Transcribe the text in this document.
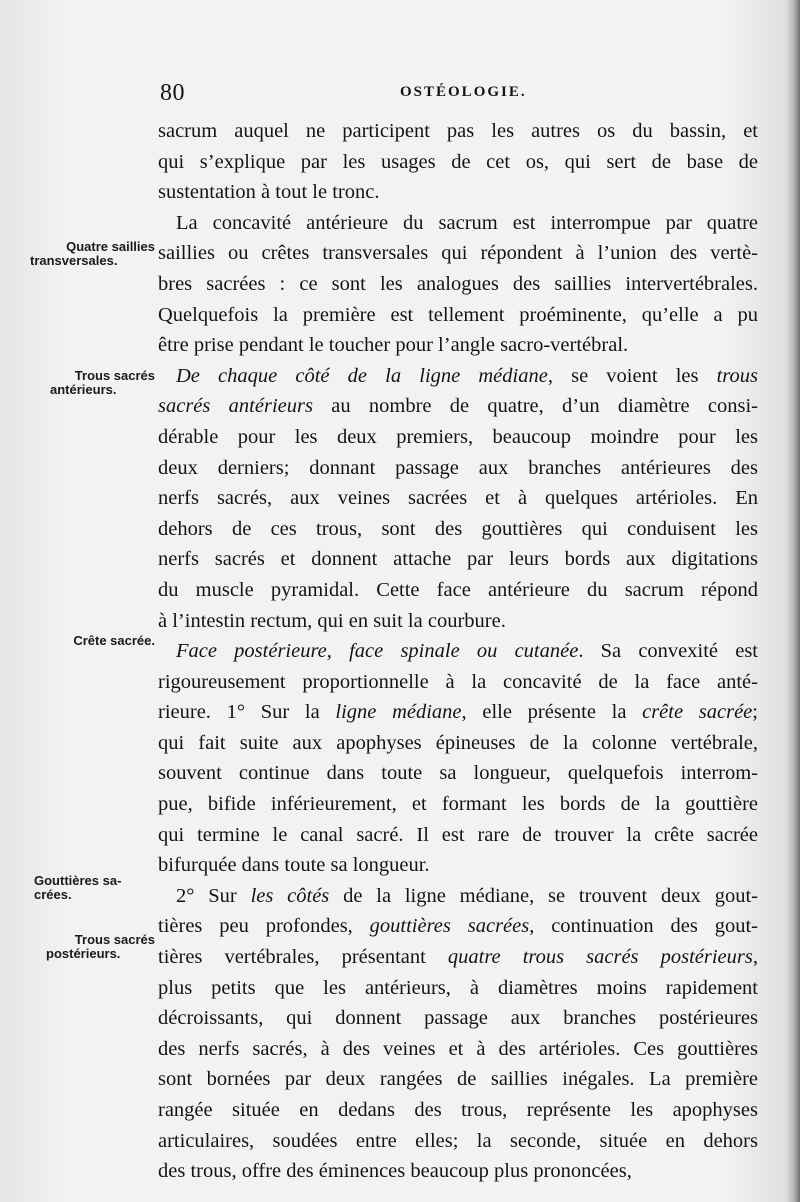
80	OSTÉOLOGIE.
Quatre saillies
transversales.
Trous sacrés
antérieurs.
Crête sacrée.
Gouttières sa-
crées.
Trous sacrés
postérieurs.
sacrum auquel ne participent pas les autres os du bassin, et
qui s’explique par les usages de cet os, qui sert de base de
sustentation à tout le tronc.
La concavité antérieure du sacrum est interrompue par quatre
saillies ou crêtes transversales qui répondent à l’union des vertè-
bres sacrées : ce sont les analogues des saillies intervertébrales.
Quelquefois la première est tellement proéminente, qu’elle a pu
être prise pendant le toucher pour l’angle sacro-vertébral.
De chaque côté de la ligne médiane, se voient les trous
sacrés antérieurs au nombre de quatre, d’un diamètre consi-
dérable pour les deux premiers, beaucoup moindre pour les
deux derniers; donnant passage aux branches antérieures des
nerfs sacrés, aux veines sacrées et à quelques artérioles. En
dehors de ces trous, sont des gouttières qui conduisent les
nerfs sacrés et donnent attache par leurs bords aux digitations
du muscle pyramidal. Cette face antérieure du sacrum répond
à l’intestin rectum, qui en suit la courbure.
Face postérieure, face spinale ou cutanée. Sa convexité est
rigoureusement proportionnelle à la concavité de la face anté-
rieure. 1° Sur la ligne médiane, elle présente la crête sacrée;
qui fait suite aux apophyses épineuses de la colonne vertébrale,
souvent continue dans toute sa longueur, quelquefois interrom-
pue, bifide inférieurement, et formant les bords de la gouttière
qui termine le canal sacré. Il est rare de trouver la crête sacrée
bifurquée dans toute sa longueur.
2° Sur les côtés de la ligne médiane, se trouvent deux gout-
tières peu profondes, gouttières sacrées, continuation des gout-
tières vertébrales, présentant quatre trous sacrés postérieurs,
plus petits que les antérieurs, à diamètres moins rapidement
décroissants, qui donnent passage aux branches postérieures
des nerfs sacrés, à des veines et à des artérioles. Ces gouttières
sont bornées par deux rangées de saillies inégales. La première
rangée située en dedans des trous, représente les apophyses
articulaires, soudées entre elles; la seconde, située en dehors
des trous, offre des éminences beaucoup plus prononcées,
